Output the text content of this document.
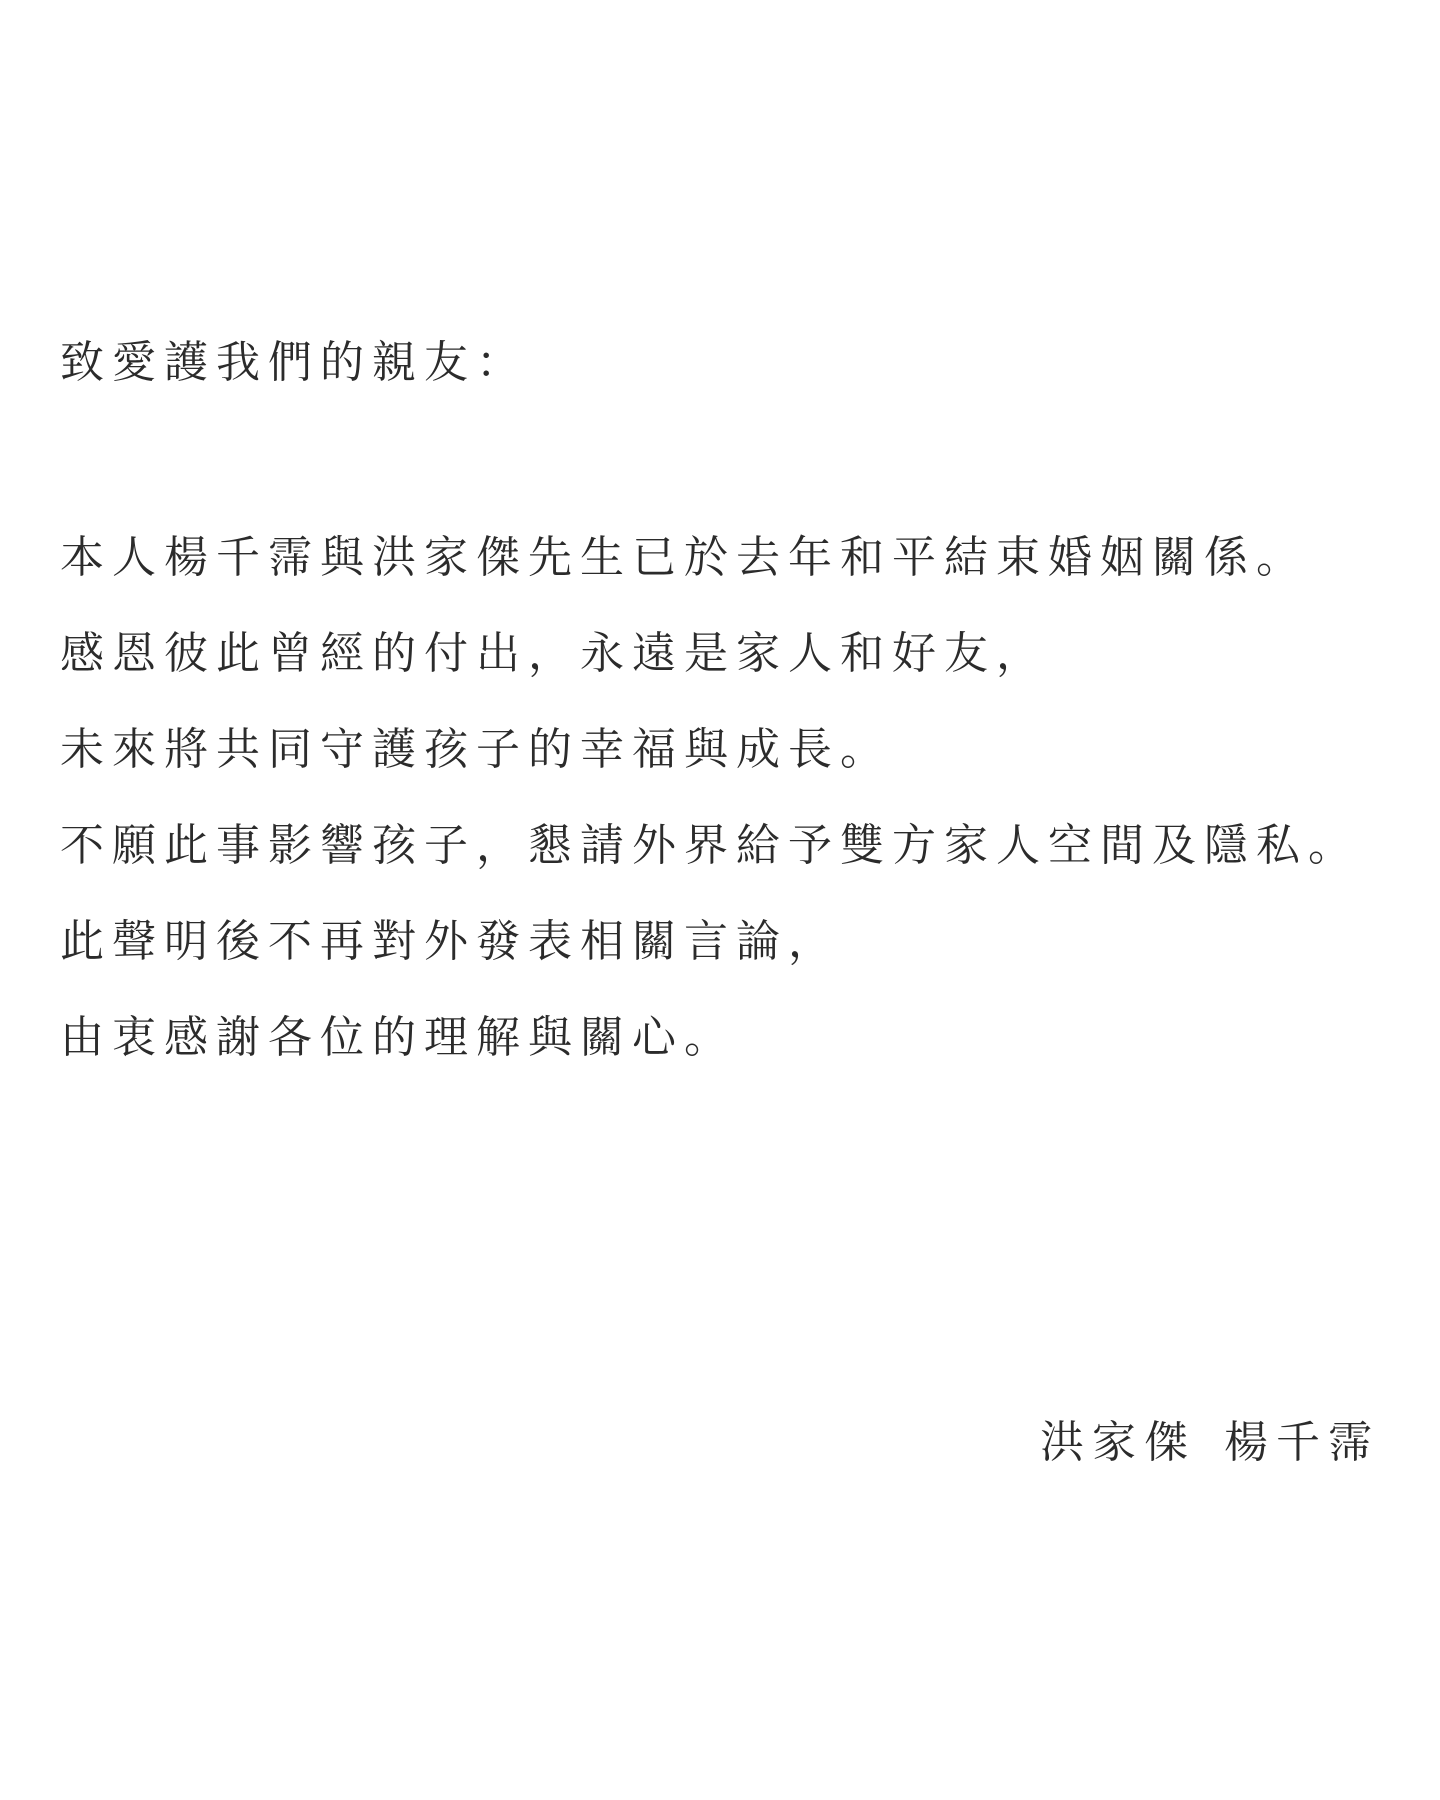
致愛護我們的親友：
本人楊千霈與洪家傑先生已於去年和平結束婚姻關係。
感恩彼此曾經的付出，永遠是家人和好友，
未來將共同守護孩子的幸福與成長。
不願此事影響孩子，懇請外界給予雙方家人空間及隱私。
此聲明後不再對外發表相關言論，
由衷感謝各位的理解與關心。
洪家傑 楊千霈
